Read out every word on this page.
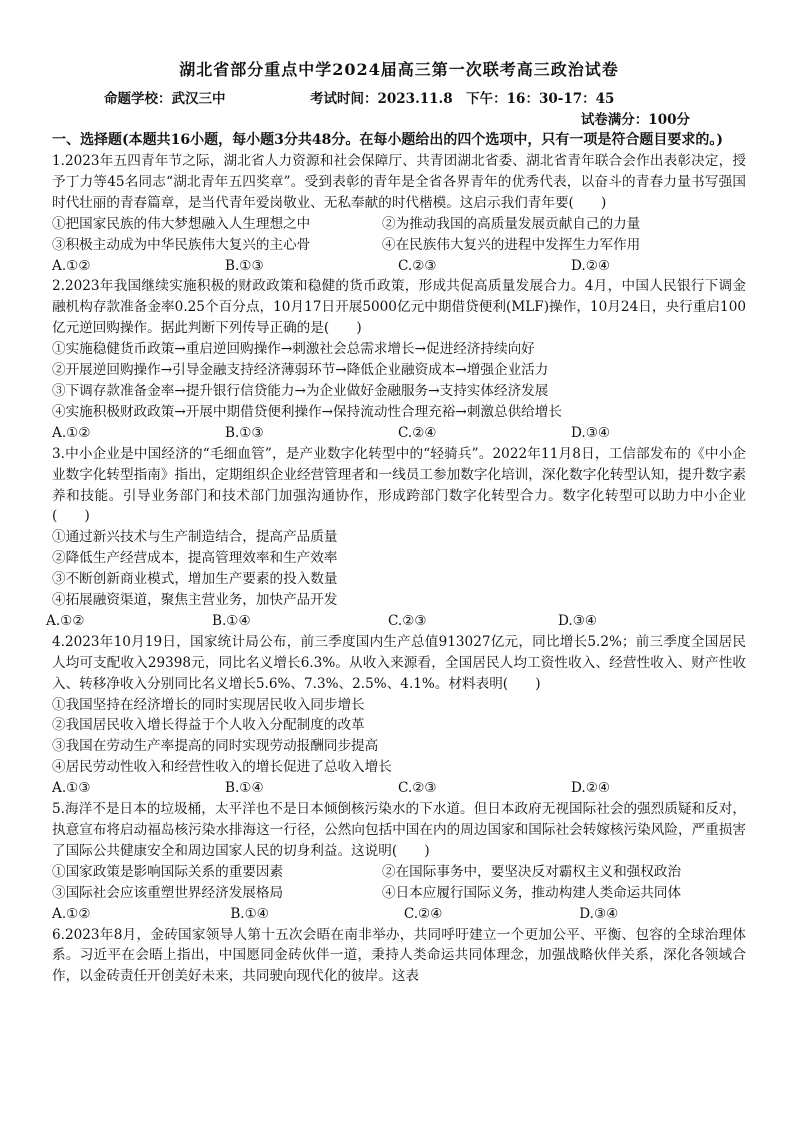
湖北省部分重点中学2024届高三第一次联考高三政治试卷
命题学校：武汉三中	考试时间：2023.11.8　下午：16：30-17：45
试卷满分：100分
一、选择题(本题共16小题，每小题3分共48分。在每小题给出的四个选项中，只有一项是符合题目要求的。)
1.2023年五四青年节之际，湖北省人力资源和社会保障厅、共青团湖北省委、湖北省青年联合会作出表彰决定，授予丁力等45名同志“湖北青年五四奖章”。受到表彰的青年是全省各界青年的优秀代表，以奋斗的青春力量书写强国时代壮丽的青春篇章，是当代青年爱岗敬业、无私奉献的时代楷模。这启示我们青年要(　　)
①把国家民族的伟大梦想融入人生理想之中	②为推动我国的高质量发展贡献自己的力量
③积极主动成为中华民族伟大复兴的主心骨	④在民族伟大复兴的进程中发挥生力军作用
A.①②	B.①③	C.②③	D.②④
2.2023年我国继续实施积极的财政政策和稳健的货币政策，形成共促高质量发展合力。4月，中国人民银行下调金融机构存款准备金率0.25个百分点，10月17日开展5000亿元中期借贷便利(MLF)操作，10月24日，央行重启100亿元逆回购操作。据此判断下列传导正确的是(　　)
①实施稳健货币政策→重启逆回购操作→刺激社会总需求增长→促进经济持续向好
②开展逆回购操作→引导金融支持经济薄弱环节→降低企业融资成本→增强企业活力
③下调存款准备金率→提升银行信贷能力→为企业做好金融服务→支持实体经济发展
④实施积极财政政策→开展中期借贷便利操作→保持流动性合理充裕→刺激总供给增长
A.①②	B.①③	C.②④	D.③④
3.中小企业是中国经济的“毛细血管”，是产业数字化转型中的“轻骑兵”。2022年11月8日，工信部发布的《中小企业数字化转型指南》指出，定期组织企业经营管理者和一线员工参加数字化培训，深化数字化转型认知，提升数字素养和技能。引导业务部门和技术部门加强沟通协作，形成跨部门数字化转型合力。数字化转型可以助力中小企业(　　)
①通过新兴技术与生产制造结合，提高产品质量
②降低生产经营成本，提高管理效率和生产效率
③不断创新商业模式，增加生产要素的投入数量
④拓展融资渠道，聚焦主营业务，加快产品开发
A.①②	B.①④	C.②③	D.③④
4.2023年10月19日，国家统计局公布，前三季度国内生产总值913027亿元，同比增长5.2%；前三季度全国居民人均可支配收入29398元，同比名义增长6.3%。从收入来源看，全国居民人均工资性收入、经营性收入、财产性收入、转移净收入分别同比名义增长5.6%、7.3%、2.5%、4.1%。材料表明(　　)
①我国坚持在经济增长的同时实现居民收入同步增长
②我国居民收入增长得益于个人收入分配制度的改革
③我国在劳动生产率提高的同时实现劳动报酬同步提高
④居民劳动性收入和经营性收入的增长促进了总收入增长
A.①③	B.①④	C.②③	D.②④
5.海洋不是日本的垃圾桶，太平洋也不是日本倾倒核污染水的下水道。但日本政府无视国际社会的强烈质疑和反对，执意宣布将启动福岛核污染水排海这一行径，公然向包括中国在内的周边国家和国际社会转嫁核污染风险，严重损害了国际公共健康安全和周边国家人民的切身利益。这说明(　　)
①国家政策是影响国际关系的重要因素	②在国际事务中，要坚决反对霸权主义和强权政治
③国际社会应该重塑世界经济发展格局	④日本应履行国际义务，推动构建人类命运共同体
A.①②	B.①④	C.②④	D.③④
6.2023年8月，金砖国家领导人第十五次会晤在南非举办，共同呼吁建立一个更加公平、平衡、包容的全球治理体系。习近平在会晤上指出，中国愿同金砖伙伴一道，秉持人类命运共同体理念，加强战略伙伴关系，深化各领域合作，以金砖责任开创美好未来，共同驶向现代化的彼岸。这表
